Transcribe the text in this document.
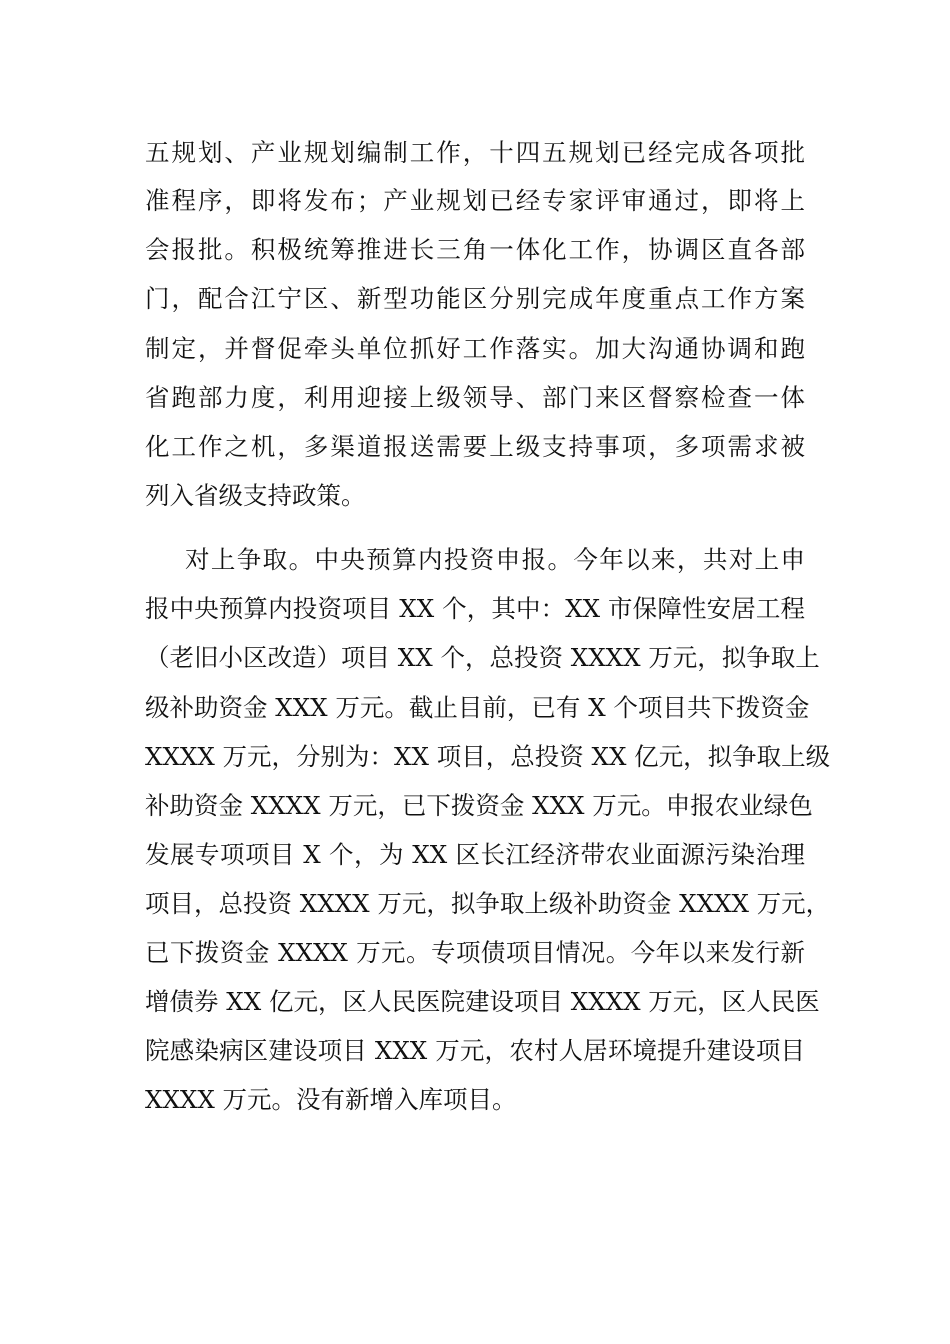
五规划、产业规划编制工作，十四五规划已经完成各项批
准程序，即将发布；产业规划已经专家评审通过，即将上
会报批。积极统筹推进长三角一体化工作，协调区直各部
门，配合江宁区、新型功能区分别完成年度重点工作方案
制定，并督促牵头单位抓好工作落实。加大沟通协调和跑
省跑部力度，利用迎接上级领导、部门来区督察检查一体
化工作之机，多渠道报送需要上级支持事项，多项需求被
列入省级支持政策。
对上争取。中央预算内投资申报。今年以来，共对上申
报中央预算内投资项目 XX 个，其中：XX 市保障性安居工程
（老旧小区改造）项目 XX 个，总投资 XXXX 万元，拟争取上
级补助资金 XXX 万元。截止目前，已有 X 个项目共下拨资金
XXXX 万元，分别为：XX 项目，总投资 XX 亿元，拟争取上级
补助资金 XXXX 万元，已下拨资金 XXX 万元。申报农业绿色
发展专项项目 X 个，为 XX 区长江经济带农业面源污染治理
项目，总投资 XXXX 万元，拟争取上级补助资金 XXXX 万元，
已下拨资金 XXXX 万元。专项债项目情况。今年以来发行新
增债券 XX 亿元，区人民医院建设项目 XXXX 万元，区人民医
院感染病区建设项目 XXX 万元，农村人居环境提升建设项目
XXXX 万元。没有新增入库项目。
